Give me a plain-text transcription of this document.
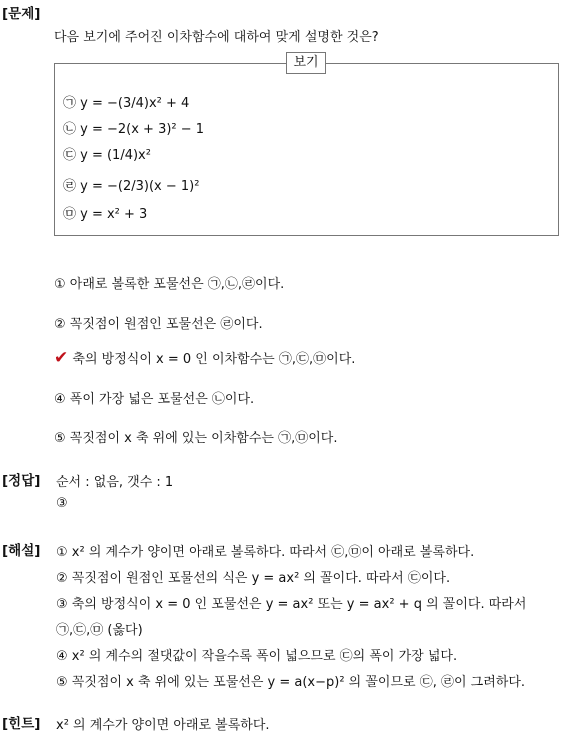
[문제]
다음 보기에 주어진 이차함수에 대하여 맞게 설명한 것은?
보기
㉠ y = −(3/4)x² + 4
㉡ y = −2(x + 3)² − 1
㉢ y = (1/4)x²
㉣ y = −(2/3)(x − 1)²
㉤ y = x² + 3
① 아래로 볼록한 포물선은 ㉠,㉡,㉣이다.
② 꼭짓점이 원점인 포물선은 ㉣이다.
✔ 축의 방정식이 x = 0 인 이차함수는 ㉠,㉢,㉤이다.
④ 폭이 가장 넓은 포물선은 ㉡이다.
⑤ 꼭짓점이 x 축 위에 있는 이차함수는 ㉠,㉤이다.
[정답] 순서 : 없음, 갯수 : 1
③
[해설] ① x² 의 계수가 양이면 아래로 볼록하다. 따라서 ㉢,㉤이 아래로 볼록하다.
② 꼭짓점이 원점인 포물선의 식은 y = ax² 의 꼴이다. 따라서 ㉢이다.
③ 축의 방정식이 x = 0 인 포물선은 y = ax² 또는 y = ax² + q 의 꼴이다. 따라서
㉠,㉢,㉤ (옳다)
④ x² 의 계수의 절댓값이 작을수록 폭이 넓으므로 ㉢의 폭이 가장 넓다.
⑤ 꼭짓점이 x 축 위에 있는 포물선은 y = a(x−p)² 의 꼴이므로 ㉢, ㉣이 그려하다.
[힌트] x² 의 계수가 양이면 아래로 볼록하다.
